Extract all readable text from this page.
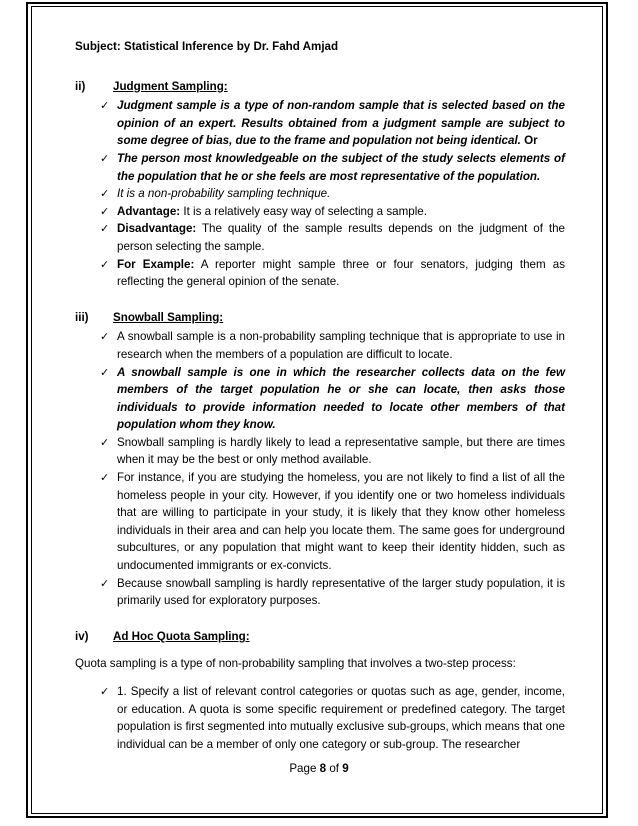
Subject: Statistical Inference by Dr. Fahd Amjad
ii)	Judgment Sampling:
✓ Judgment sample is a type of non-random sample that is selected based on the opinion of an expert. Results obtained from a judgment sample are subject to some degree of bias, due to the frame and population not being identical. Or
✓ The person most knowledgeable on the subject of the study selects elements of the population that he or she feels are most representative of the population.
✓ It is a non-probability sampling technique.
✓ Advantage: It is a relatively easy way of selecting a sample.
✓ Disadvantage: The quality of the sample results depends on the judgment of the person selecting the sample.
✓ For Example: A reporter might sample three or four senators, judging them as reflecting the general opinion of the senate.
iii)	Snowball Sampling:
✓ A snowball sample is a non-probability sampling technique that is appropriate to use in research when the members of a population are difficult to locate.
✓ A snowball sample is one in which the researcher collects data on the few members of the target population he or she can locate, then asks those individuals to provide information needed to locate other members of that population whom they know.
✓ Snowball sampling is hardly likely to lead a representative sample, but there are times when it may be the best or only method available.
✓ For instance, if you are studying the homeless, you are not likely to find a list of all the homeless people in your city. However, if you identify one or two homeless individuals that are willing to participate in your study, it is likely that they know other homeless individuals in their area and can help you locate them. The same goes for underground subcultures, or any population that might want to keep their identity hidden, such as undocumented immigrants or ex-convicts.
✓ Because snowball sampling is hardly representative of the larger study population, it is primarily used for exploratory purposes.
iv)	Ad Hoc Quota Sampling:
Quota sampling is a type of non-probability sampling that involves a two-step process:
✓ 1. Specify a list of relevant control categories or quotas such as age, gender, income, or education. A quota is some specific requirement or predefined category. The target population is first segmented into mutually exclusive sub-groups, which means that one individual can be a member of only one category or sub-group. The researcher
Page 8 of 9
